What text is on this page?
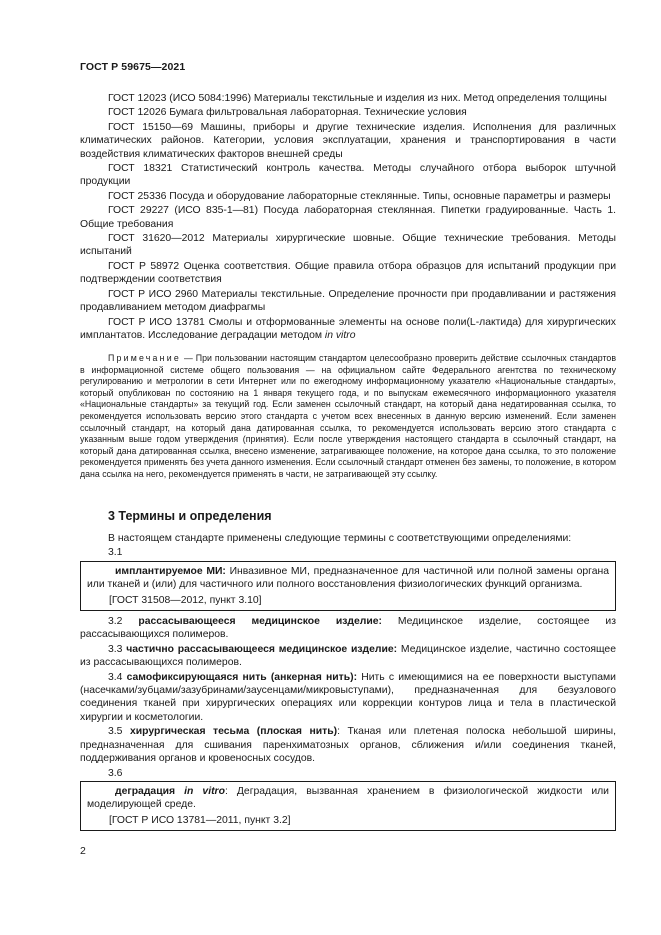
ГОСТ Р 59675—2021

ГОСТ 12023 (ИСО 5084:1996) Материалы текстильные и изделия из них. Метод определения толщины

ГОСТ 12026 Бумага фильтровальная лабораторная. Технические условия

ГОСТ 15150—69 Машины, приборы и другие технические изделия. Исполнения для различных климатических районов. Категории, условия эксплуатации, хранения и транспортирования в части воздействия климатических факторов внешней среды

ГОСТ 18321 Статистический контроль качества. Методы случайного отбора выборок штучной продукции

ГОСТ 25336 Посуда и оборудование лабораторные стеклянные. Типы, основные параметры и размеры

ГОСТ 29227 (ИСО 835-1—81) Посуда лабораторная стеклянная. Пипетки градуированные. Часть 1. Общие требования

ГОСТ 31620—2012 Материалы хирургические шовные. Общие технические требования. Методы испытаний

ГОСТ Р 58972 Оценка соответствия. Общие правила отбора образцов для испытаний продукции при подтверждении соответствия

ГОСТ Р ИСО 2960 Материалы текстильные. Определение прочности при продавливании и растяжения продавливанием методом диафрагмы

ГОСТ Р ИСО 13781 Смолы и отформованные элементы на основе поли(L-лактида) для хирургических имплантатов. Исследование деградации методом in vitro

Примечание — При пользовании настоящим стандартом целесообразно проверить действие ссылочных стандартов в информационной системе общего пользования — на официальном сайте Федерального агентства по техническому регулированию и метрологии в сети Интернет или по ежегодному информационному указателю «Национальные стандарты», который опубликован по состоянию на 1 января текущего года, и по выпускам ежемесячного информационного указателя «Национальные стандарты» за текущий год. Если заменен ссылочный стандарт, на который дана недатированная ссылка, то рекомендуется использовать версию этого стандарта с учетом всех внесенных в данную версию изменений. Если заменен ссылочный стандарт, на который дана датированная ссылка, то рекомендуется использовать версию этого стандарта с указанным выше годом утверждения (принятия). Если после утверждения настоящего стандарта в ссылочный стандарт, на который дана датированная ссылка, внесено изменение, затрагивающее положение, на которое дана ссылка, то это положение рекомендуется применять без учета данного изменения. Если ссылочный стандарт отменен без замены, то положение, в котором дана ссылка на него, рекомендуется применять в части, не затрагивающей эту ссылку.
3 Термины и определения

В настоящем стандарте применены следующие термины с соответствующими определениями:

3.1

имплантируемое МИ: Инвазивное МИ, предназначенное для частичной или полной замены органа или тканей и (или) для частичного или полного восстановления физиологических функций организма.

[ГОСТ 31508—2012, пункт 3.10]

3.2 рассасывающееся медицинское изделие: Медицинское изделие, состоящее из рассасывающихся полимеров.

3.3 частично рассасывающееся медицинское изделие: Медицинское изделие, частично состоящее из рассасывающихся полимеров.

3.4 самофиксирующаяся нить (анкерная нить): Нить с имеющимися на ее поверхности выступами (насечками/зубцами/зазубринами/заусенцами/микровыступами), предназначенная для безузлового соединения тканей при хирургических операциях или коррекции контуров лица и тела в пластической хирургии и косметологии.

3.5 хирургическая тесьма (плоская нить): Тканая или плетеная полоска небольшой ширины, предназначенная для сшивания паренхиматозных органов, сближения и/или соединения тканей, поддерживания органов и кровеносных сосудов.

3.6

деградация in vitro: Деградация, вызванная хранением в физиологической жидкости или моделирующей среде.

[ГОСТ Р ИСО 13781—2011, пункт 3.2]

2
